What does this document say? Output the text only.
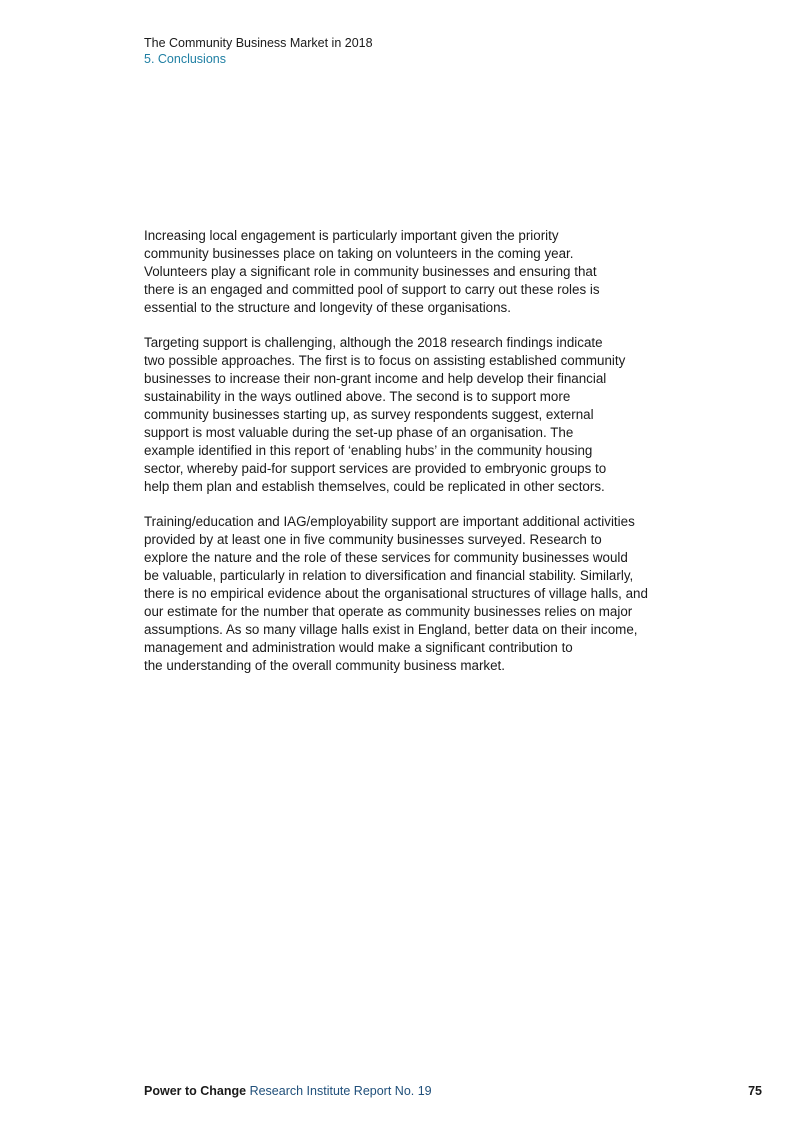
The Community Business Market in 2018
5. Conclusions

Increasing local engagement is particularly important given the priority
community businesses place on taking on volunteers in the coming year.
Volunteers play a significant role in community businesses and ensuring that
there is an engaged and committed pool of support to carry out these roles is
essential to the structure and longevity of these organisations.

Targeting support is challenging, although the 2018 research findings indicate
two possible approaches. The first is to focus on assisting established community
businesses to increase their non-grant income and help develop their financial
sustainability in the ways outlined above. The second is to support more
community businesses starting up, as survey respondents suggest, external
support is most valuable during the set-up phase of an organisation. The
example identified in this report of ‘enabling hubs’ in the community housing
sector, whereby paid-for support services are provided to embryonic groups to
help them plan and establish themselves, could be replicated in other sectors.

Training/education and IAG/employability support are important additional activities
provided by at least one in five community businesses surveyed. Research to
explore the nature and the role of these services for community businesses would
be valuable, particularly in relation to diversification and financial stability. Similarly,
there is no empirical evidence about the organisational structures of village halls, and
our estimate for the number that operate as community businesses relies on major
assumptions. As so many village halls exist in England, better data on their income,
management and administration would make a significant contribution to
the understanding of the overall community business market.

Power to Change Research Institute Report No. 19	75
